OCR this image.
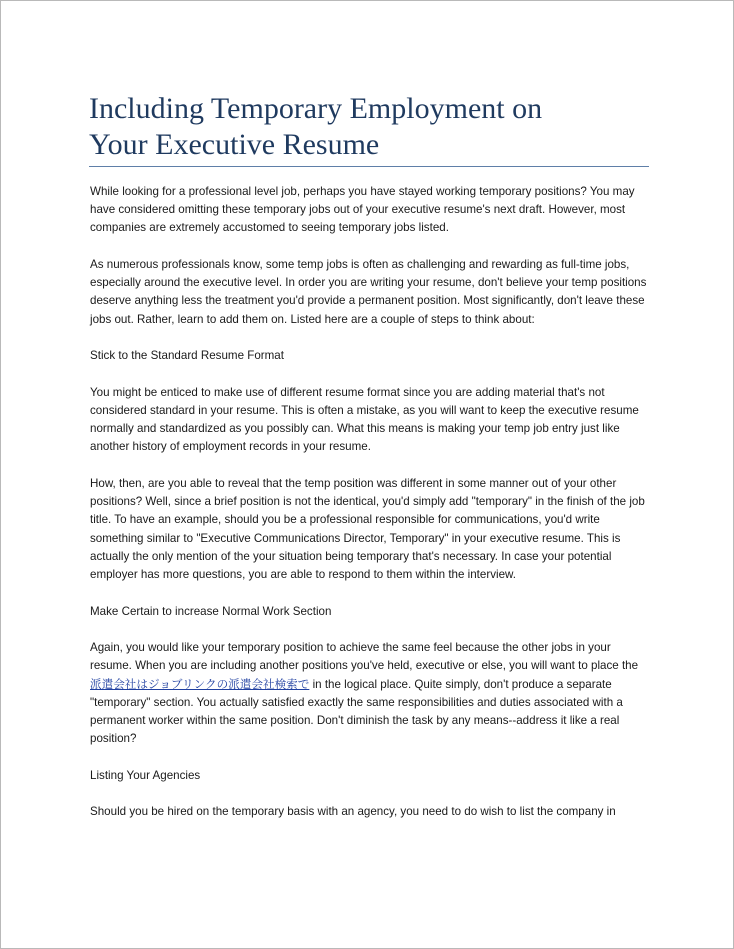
Including Temporary Employment on
Your Executive Resume

While looking for a professional level job, perhaps you have stayed working temporary positions? You may have considered omitting these temporary jobs out of your executive resume's next draft. However, most companies are extremely accustomed to seeing temporary jobs listed.

As numerous professionals know, some temp jobs is often as challenging and rewarding as full-time jobs, especially around the executive level. In order you are writing your resume, don't believe your temp positions deserve anything less the treatment you'd provide a permanent position. Most significantly, don't leave these jobs out. Rather, learn to add them on. Listed here are a couple of steps to think about:

Stick to the Standard Resume Format

You might be enticed to make use of different resume format since you are adding material that's not considered standard in your resume. This is often a mistake, as you will want to keep the executive resume normally and standardized as you possibly can. What this means is making your temp job entry just like another history of employment records in your resume.

How, then, are you able to reveal that the temp position was different in some manner out of your other positions? Well, since a brief position is not the identical, you'd simply add "temporary" in the finish of the job title. To have an example, should you be a professional responsible for communications, you'd write something similar to "Executive Communications Director, Temporary" in your executive resume. This is actually the only mention of the your situation being temporary that's necessary. In case your potential employer has more questions, you are able to respond to them within the interview.

Make Certain to increase Normal Work Section

Again, you would like your temporary position to achieve the same feel because the other jobs in your resume. When you are including another positions you've held, executive or else, you will want to place the 派遣会社はジョブリンクの派遣会社検索で in the logical place. Quite simply, don't produce a separate "temporary" section. You actually satisfied exactly the same responsibilities and duties associated with a permanent worker within the same position. Don't diminish the task by any means--address it like a real position?

Listing Your Agencies

Should you be hired on the temporary basis with an agency, you need to do wish to list the company in
